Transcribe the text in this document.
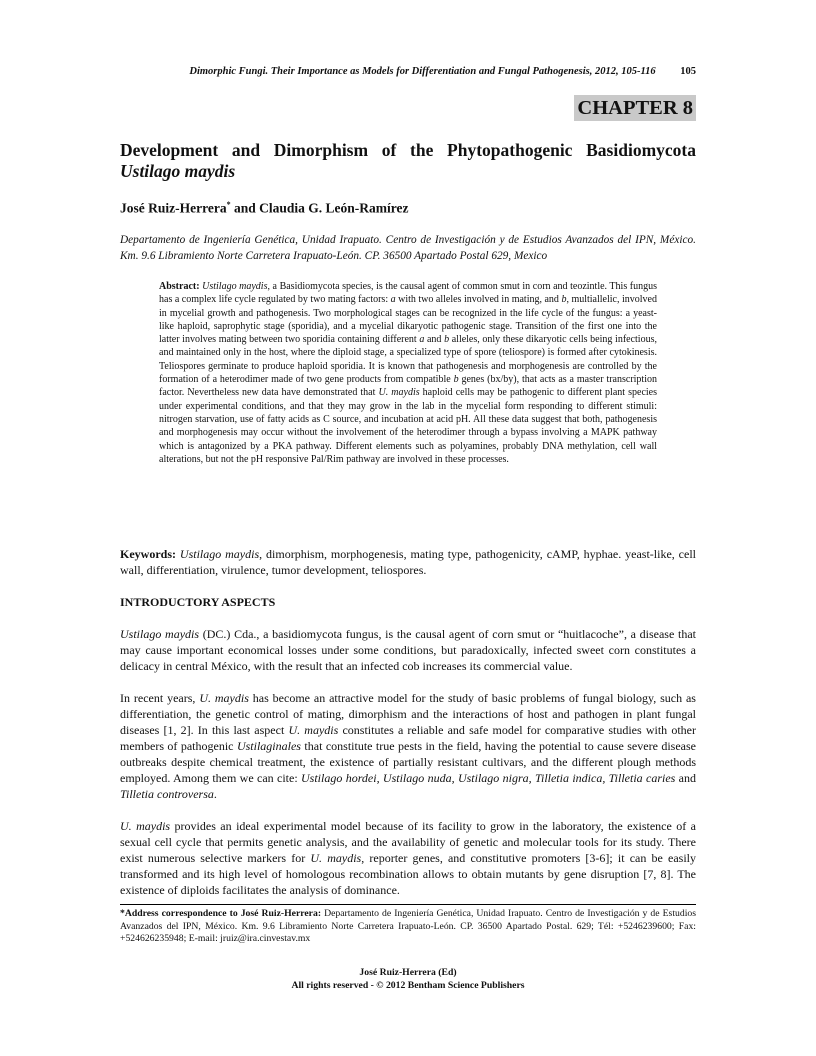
Dimorphic Fungi. Their Importance as Models for Differentiation and Fungal Pathogenesis, 2012, 105-116 105
CHAPTER 8
Development and Dimorphism of the Phytopathogenic Basidiomycota Ustilago maydis
José Ruiz-Herrera* and Claudia G. León-Ramírez
Departamento de Ingeniería Genética, Unidad Irapuato. Centro de Investigación y de Estudios Avanzados del IPN, México. Km. 9.6 Libramiento Norte Carretera Irapuato-León. CP. 36500 Apartado Postal 629, Mexico

Abstract: Ustilago maydis, a Basidiomycota species, is the causal agent of common smut in corn and teozintle. This fungus has a complex life cycle regulated by two mating factors: a with two alleles involved in mating, and b, multiallelic, involved in mycelial growth and pathogenesis. Two morphological stages can be recognized in the life cycle of the fungus: a yeast-like haploid, saprophytic stage (sporidia), and a mycelial dikaryotic pathogenic stage. Transition of the first one into the latter involves mating between two sporidia containing different a and b alleles, only these dikaryotic cells being infectious, and maintained only in the host, where the diploid stage, a specialized type of spore (teliospore) is formed after cytokinesis. Teliospores germinate to produce haploid sporidia. It is known that pathogenesis and morphogenesis are controlled by the formation of a heterodimer made of two gene products from compatible b genes (bx/by), that acts as a master transcription factor. Nevertheless new data have demonstrated that U. maydis haploid cells may be pathogenic to different plant species under experimental conditions, and that they may grow in the lab in the mycelial form responding to different stimuli: nitrogen starvation, use of fatty acids as C source, and incubation at acid pH. All these data suggest that both, pathogenesis and morphogenesis may occur without the involvement of the heterodimer through a bypass involving a MAPK pathway which is antagonized by a PKA pathway. Different elements such as polyamines, probably DNA methylation, cell wall alterations, but not the pH responsive Pal/Rim pathway are involved in these processes.

Keywords: Ustilago maydis, dimorphism, morphogenesis, mating type, pathogenicity, cAMP, hyphae. yeast-like, cell wall, differentiation, virulence, tumor development, teliospores.

INTRODUCTORY ASPECTS

Ustilago maydis (DC.) Cda., a basidiomycota fungus, is the causal agent of corn smut or “huitlacoche”, a disease that may cause important economical losses under some conditions, but paradoxically, infected sweet corn constitutes a delicacy in central México, with the result that an infected cob increases its commercial value.

In recent years, U. maydis has become an attractive model for the study of basic problems of fungal biology, such as differentiation, the genetic control of mating, dimorphism and the interactions of host and pathogen in plant fungal diseases [1, 2]. In this last aspect U. maydis constitutes a reliable and safe model for comparative studies with other members of pathogenic Ustilaginales that constitute true pests in the field, having the potential to cause severe disease outbreaks despite chemical treatment, the existence of partially resistant cultivars, and the different plough methods employed. Among them we can cite: Ustilago hordei, Ustilago nuda, Ustilago nigra, Tilletia indica, Tilletia caries and Tilletia controversa.

U. maydis provides an ideal experimental model because of its facility to grow in the laboratory, the existence of a sexual cell cycle that permits genetic analysis, and the availability of genetic and molecular tools for its study. There exist numerous selective markers for U. maydis, reporter genes, and constitutive promoters [3-6]; it can be easily transformed and its high level of homologous recombination allows to obtain mutants by gene disruption [7, 8]. The existence of diploids facilitates the analysis of dominance.

*Address correspondence to José Ruiz-Herrera: Departamento de Ingeniería Genética, Unidad Irapuato. Centro de Investigación y de Estudios Avanzados del IPN, México. Km. 9.6 Libramiento Norte Carretera Irapuato-León. CP. 36500 Apartado Postal. 629; Tél: +5246239600; Fax: +524626235948; E-mail: jruiz@ira.cinvestav.mx

José Ruiz-Herrera (Ed)
All rights reserved - © 2012 Bentham Science Publishers
